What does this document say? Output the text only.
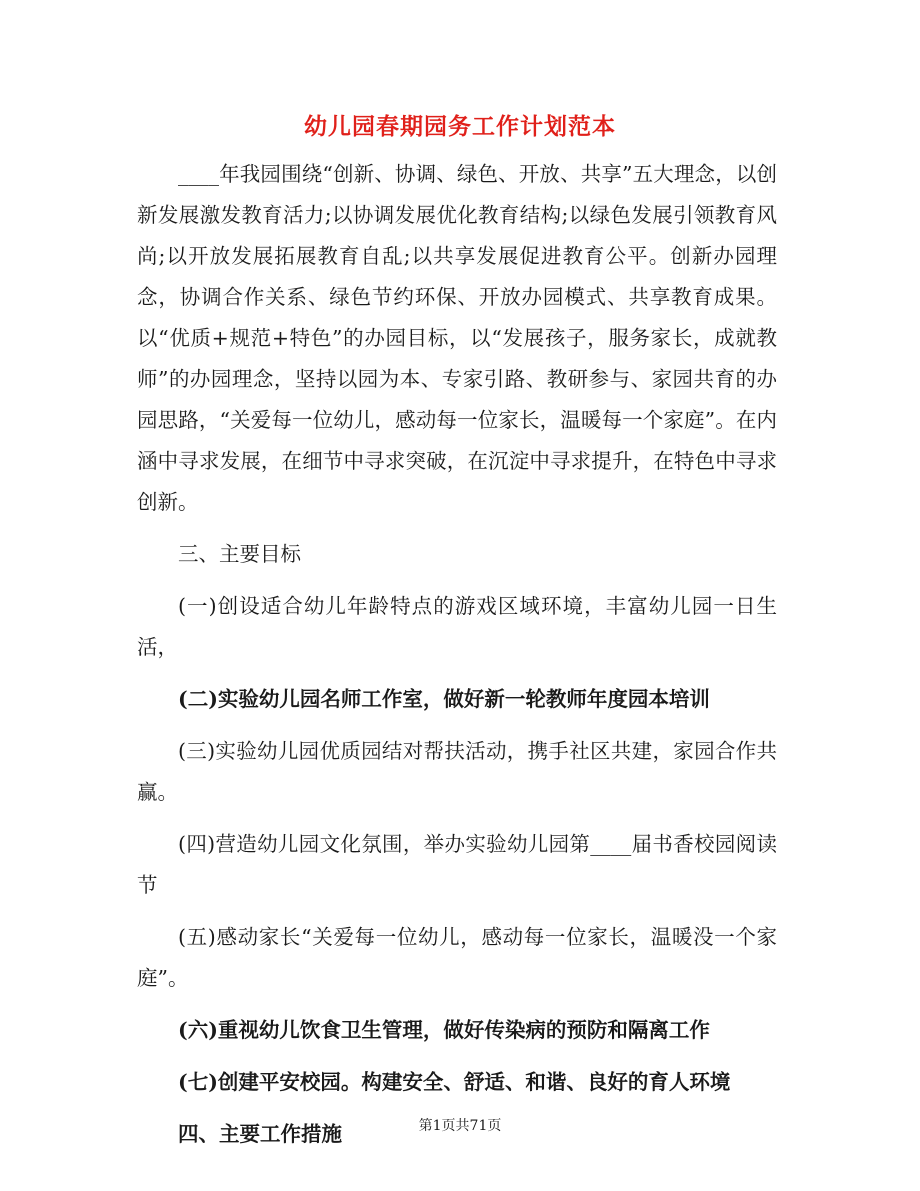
幼儿园春期园务工作计划范本

____年我园围绕“创新、协调、绿色、开放、共享”五大理念，以创新发展激发教育活力;以协调发展优化教育结构;以绿色发展引领教育风尚;以开放发展拓展教育自乱;以共享发展促进教育公平。创新办园理念，协调合作关系、绿色节约环保、开放办园模式、共享教育成果。以“优质+规范+特色”的办园目标，以“发展孩子，服务家长，成就教师”的办园理念，坚持以园为本、专家引路、教研参与、家园共育的办园思路，“关爱每一位幼儿，感动每一位家长，温暖每一个家庭”。在内涵中寻求发展，在细节中寻求突破，在沉淀中寻求提升，在特色中寻求创新。

三、主要目标

(一)创设适合幼儿年龄特点的游戏区域环境，丰富幼儿园一日生活，

(二)实验幼儿园名师工作室，做好新一轮教师年度园本培训

(三)实验幼儿园优质园结对帮扶活动，携手社区共建，家园合作共赢。

(四)营造幼儿园文化氛围，举办实验幼儿园第____届书香校园阅读节

(五)感动家长“关爱每一位幼儿，感动每一位家长，温暖没一个家庭”。

(六)重视幼儿饮食卫生管理，做好传染病的预防和隔离工作

(七)创建平安校园。构建安全、舒适、和谐、良好的育人环境

四、主要工作措施	第1页共71页
